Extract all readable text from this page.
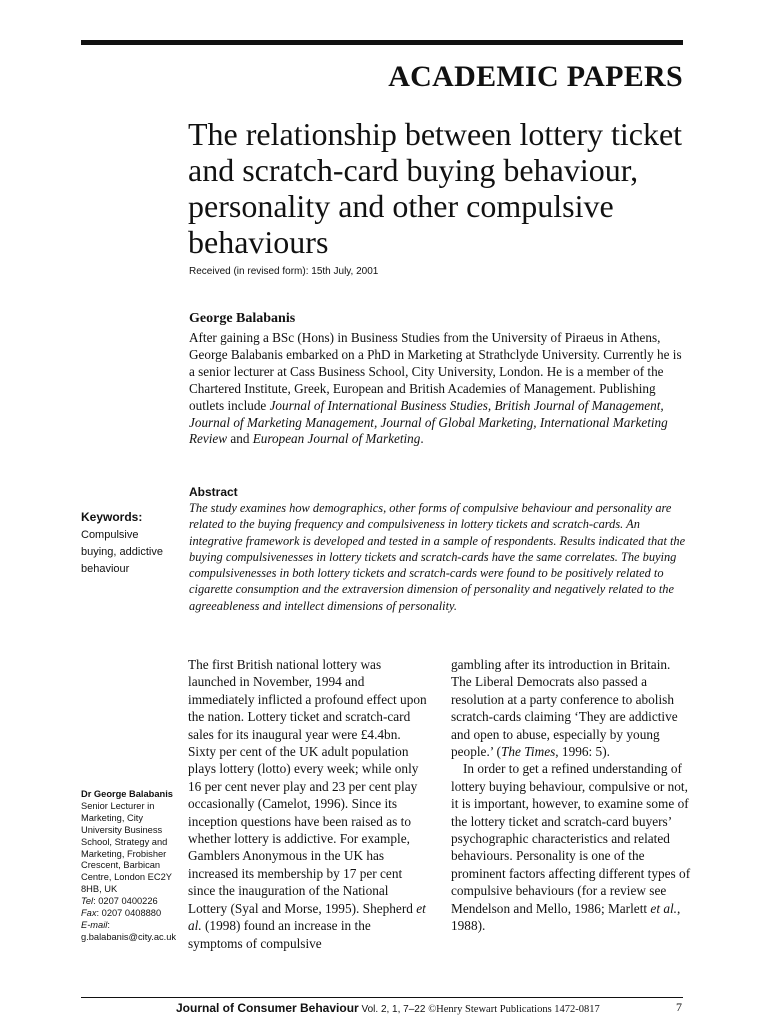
ACADEMIC PAPERS
The relationship between lottery ticket and scratch-card buying behaviour, personality and other compulsive behaviours
Received (in revised form): 15th July, 2001
George Balabanis
After gaining a BSc (Hons) in Business Studies from the University of Piraeus in Athens, George Balabanis embarked on a PhD in Marketing at Strathclyde University. Currently he is a senior lecturer at Cass Business School, City University, London. He is a member of the Chartered Institute, Greek, European and British Academies of Management. Publishing outlets include Journal of International Business Studies, British Journal of Management, Journal of Marketing Management, Journal of Global Marketing, International Marketing Review and European Journal of Marketing.
Abstract
The study examines how demographics, other forms of compulsive behaviour and personality are related to the buying frequency and compulsiveness in lottery tickets and scratch-cards. An integrative framework is developed and tested in a sample of respondents. Results indicated that the buying compulsivenesses in lottery tickets and scratch-cards have the same correlates. The buying compulsivenesses in both lottery tickets and scratch-cards were found to be positively related to cigarette consumption and the extraversion dimension of personality and negatively related to the agreeableness and intellect dimensions of personality.
Keywords:
Compulsive buying, addictive behaviour
The first British national lottery was launched in November, 1994 and immediately inflicted a profound effect upon the nation. Lottery ticket and scratch-card sales for its inaugural year were £4.4bn. Sixty per cent of the UK adult population plays lottery (lotto) every week; while only 16 per cent never play and 23 per cent play occasionally (Camelot, 1996). Since its inception questions have been raised as to whether lottery is addictive. For example, Gamblers Anonymous in the UK has increased its membership by 17 per cent since the inauguration of the National Lottery (Syal and Morse, 1995). Shepherd et al. (1998) found an increase in the symptoms of compulsive
gambling after its introduction in Britain. The Liberal Democrats also passed a resolution at a party conference to abolish scratch-cards claiming ‘They are addictive and open to abuse, especially by young people.’ (The Times, 1996: 5).
In order to get a refined understanding of lottery buying behaviour, compulsive or not, it is important, however, to examine some of the lottery ticket and scratch-card buyers’ psychographic characteristics and related behaviours. Personality is one of the prominent factors affecting different types of compulsive behaviours (for a review see Mendelson and Mello, 1986; Marlett et al., 1988).
Dr George Balabanis
Senior Lecturer in Marketing, City University Business School, Strategy and Marketing, Frobisher Crescent, Barbican Centre, London EC2Y 8HB, UK
Tel: 0207 0400226
Fax: 0207 0408880
E-mail: g.balabanis@city.ac.uk
Journal of Consumer Behaviour Vol. 2, 1, 7–22 ©Henry Stewart Publications 1472-0817	7
